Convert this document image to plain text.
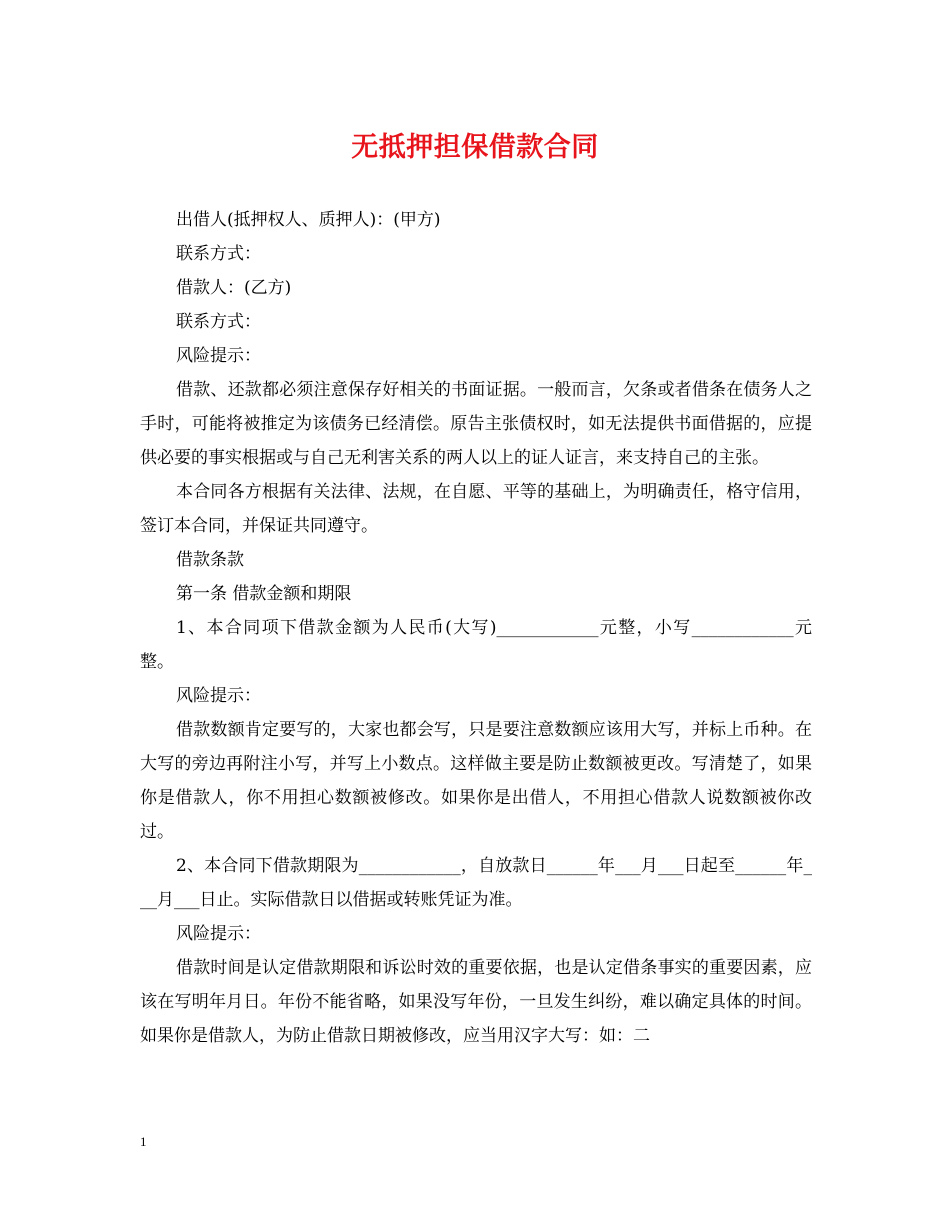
无抵押担保借款合同

出借人(抵押权人、质押人)：(甲方)

联系方式：

借款人：(乙方)

联系方式：

风险提示：

借款、还款都必须注意保存好相关的书面证据。一般而言，欠条或者借条在债务人之手时，可能将被推定为该债务已经清偿。原告主张债权时，如无法提供书面借据的，应提供必要的事实根据或与自己无利害关系的两人以上的证人证言，来支持自己的主张。

本合同各方根据有关法律、法规，在自愿、平等的基础上，为明确责任，格守信用，签订本合同，并保证共同遵守。

借款条款

第一条 借款金额和期限

1、本合同项下借款金额为人民币(大写)____________元整，小写____________元整。

风险提示：

借款数额肯定要写的，大家也都会写，只是要注意数额应该用大写，并标上币种。在大写的旁边再附注小写，并写上小数点。这样做主要是防止数额被更改。写清楚了，如果你是借款人，你不用担心数额被修改。如果你是出借人，不用担心借款人说数额被你改过。

2、本合同下借款期限为____________，自放款日______年___月___日起至______年___月___日止。实际借款日以借据或转账凭证为准。

风险提示：

借款时间是认定借款期限和诉讼时效的重要依据，也是认定借条事实的重要因素，应该在写明年月日。年份不能省略，如果没写年份，一旦发生纠纷，难以确定具体的时间。如果你是借款人，为防止借款日期被修改，应当用汉字大写：如：二

1
